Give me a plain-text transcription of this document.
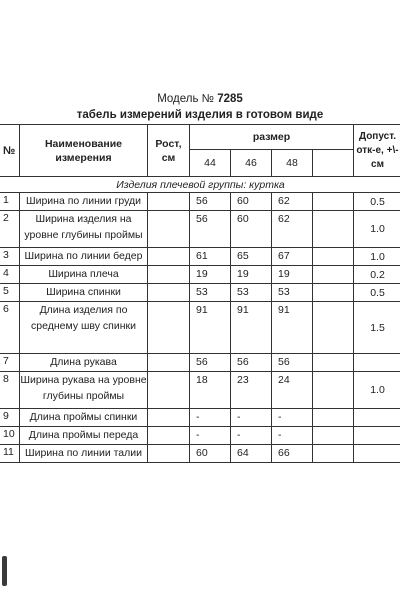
Модель № 7285
табель измерений изделия в готовом виде
№	Наименование измерения	Рост, см	размер				Допуст. отк-е, +\-см
			44	46	48		
Изделия плечевой группы: куртка							
1	Ширина по линии груди		56	60	62		0.5
2	Ширина изделия на уровне глубины проймы		56	60	62		1.0
3	Ширина по линии бедер		61	65	67		1.0
4	Ширина плеча		19	19	19		0.2
5	Ширина спинки		53	53	53		0.5
6	Длина изделия по среднему шву спинки		91	91	91		1.5
7	Длина рукава		56	56	56		
8	Ширина рукава на уровне глубины проймы		18	23	24		1.0
9	Длина проймы спинки		-	-	-		
10	Длина проймы переда		-	-	-		
11	Ширина по линии талии		60	64	66		
